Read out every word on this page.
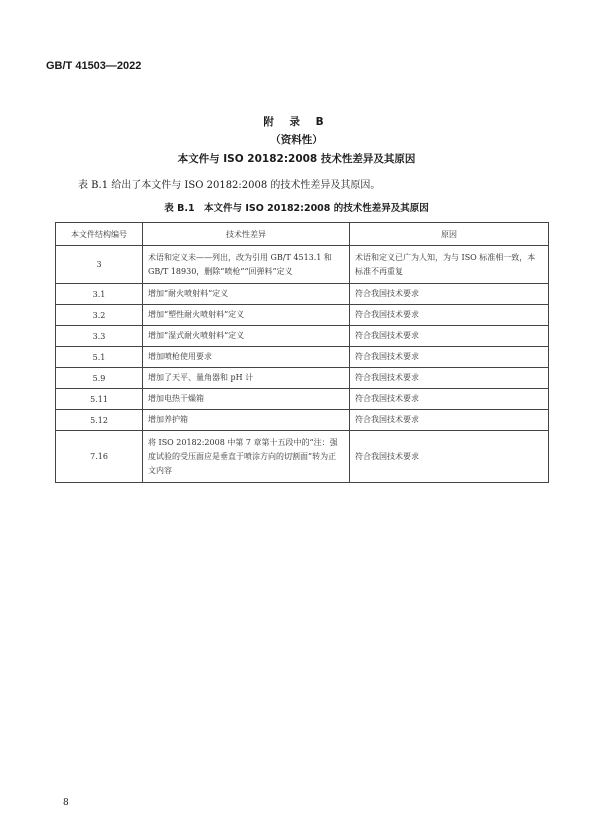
GB/T 41503—2022
附 录 B
（资料性）
本文件与 ISO 20182:2008 技术性差异及其原因
表 B.1 给出了本文件与 ISO 20182:2008 的技术性差异及其原因。
表 B.1　本文件与 ISO 20182:2008 的技术性差异及其原因
本文件结构编号	技术性差异	原因
3	术语和定义未——列出，改为引用 GB/T 4513.1 和 GB/T 18930，删除“喷枪”“回弹料”定义	术语和定义已广为人知，为与 ISO 标准相一致，本标准不再重复
3.1	增加“耐火喷射料”定义	符合我国技术要求
3.2	增加“塑性耐火喷射料”定义	符合我国技术要求
3.3	增加“湿式耐火喷射料”定义	符合我国技术要求
5.1	增加喷枪使用要求	符合我国技术要求
5.9	增加了天平、量角器和 pH 计	符合我国技术要求
5.11	增加电热干燥箱	符合我国技术要求
5.12	增加养护箱	符合我国技术要求
7.16	将 ISO 20182:2008 中第 7 章第十五段中的“注：强度试验的受压面应是垂直于喷涂方向的切割面”转为正文内容	符合我国技术要求
8
